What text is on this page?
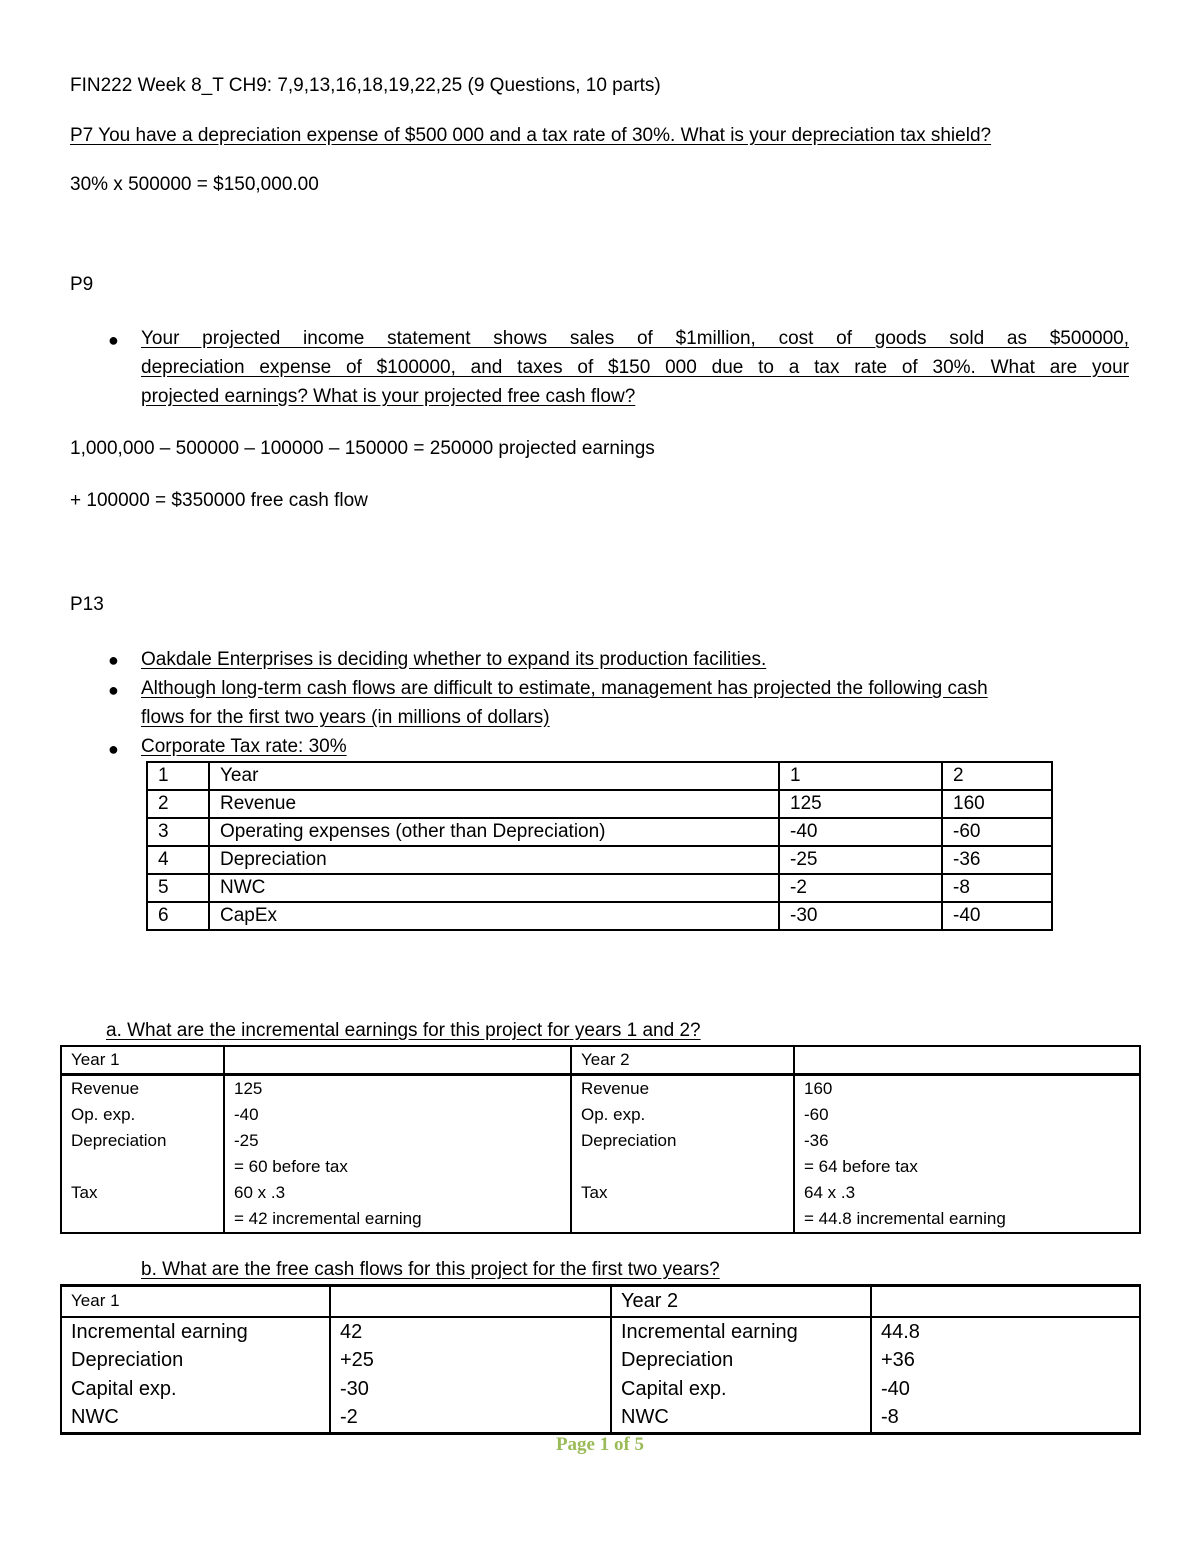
FIN222 Week 8_T CH9: 7,9,13,16,18,19,22,25 (9 Questions, 10 parts)
P7 You have a depreciation expense of $500 000 and a tax rate of 30%. What is your depreciation tax shield?
30% x 500000 = $150,000.00
P9
● Your projected income statement shows sales of $1million, cost of goods sold as $500000,
depreciation expense of $100000, and taxes of $150 000 due to a tax rate of 30%. What are your
projected earnings? What is your projected free cash flow?
1,000,000 – 500000 – 100000 – 150000 = 250000 projected earnings
+ 100000 = $350000 free cash flow
P13
●
●
●
Oakdale Enterprises is deciding whether to expand its production facilities.
Although long-term cash flows are difficult to estimate, management has projected the following cash
flows for the first two years (in millions of dollars)
Corporate Tax rate: 30%
1	Year	1	2
2	Revenue	125	160
3	Operating expenses (other than Depreciation)	-40	-60
4	Depreciation	-25	-36
5	NWC	-2	-8
6	CapEx	-30	-40
a. What are the incremental earnings for this project for years 1 and 2?
Year 1		Year 2	
Revenue	125	Revenue	160
Op. exp.	-40	Op. exp.	-60
Depreciation	-25	Depreciation	-36
	= 60 before tax		= 64 before tax
Tax	60 x .3	Tax	64 x .3
	= 42 incremental earning		= 44.8 incremental earning
b. What are the free cash flows for this project for the first two years?
Year 1		Year 2	
Incremental earning	42	Incremental earning	44.8
Depreciation	+25	Depreciation	+36
Capital exp.	-30	Capital exp.	-40
NWC	-2	NWC	-8
Page 1 of 5
